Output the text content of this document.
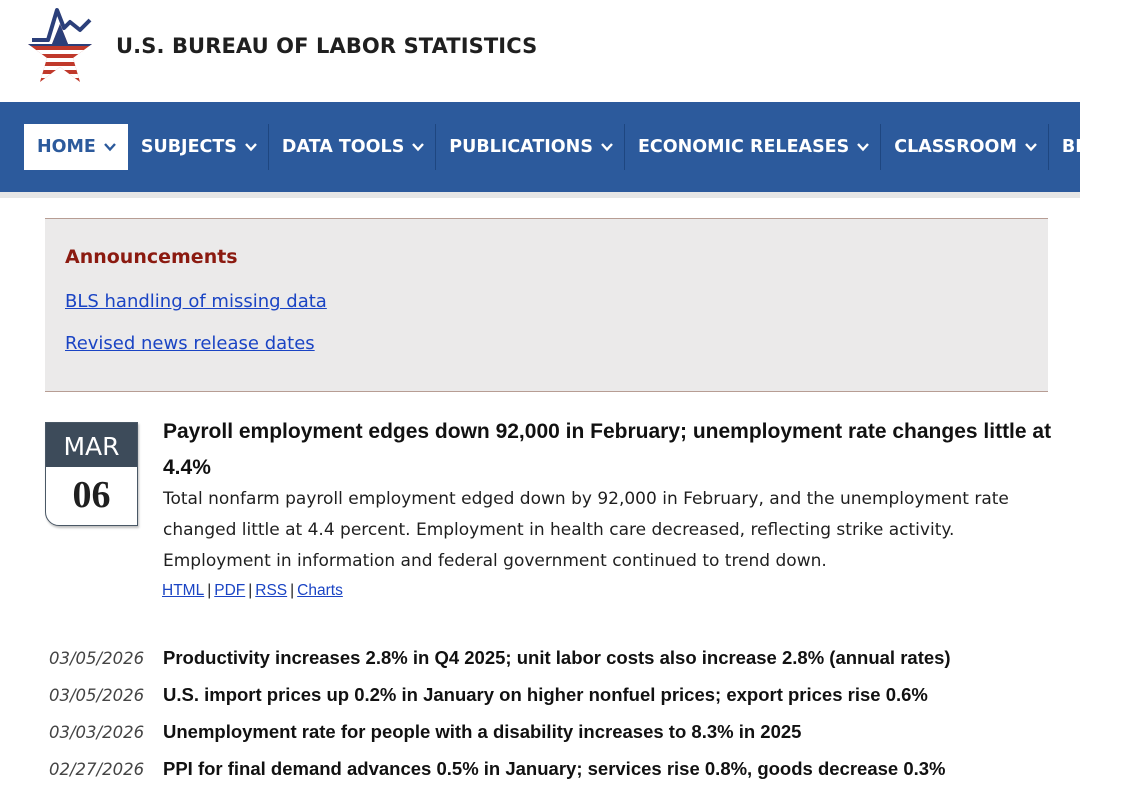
U.S. BUREAU OF LABOR STATISTICS
HOME	SUBJECTS	DATA TOOLS	PUBLICATIONS	ECONOMIC RELEASES	CLASSROOM	BETA
Announcements
BLS handling of missing data
Revised news release dates
MAR
06
Payroll employment edges down 92,000 in February; unemployment rate changes little at 4.4%
Total nonfarm payroll employment edged down by 92,000 in February, and the unemployment rate changed little at 4.4 percent. Employment in health care decreased, reflecting strike activity. Employment in information and federal government continued to trend down.
HTML | PDF | RSS | Charts
03/05/2026 Productivity increases 2.8% in Q4 2025; unit labor costs also increase 2.8% (annual rates)
03/05/2026 U.S. import prices up 0.2% in January on higher nonfuel prices; export prices rise 0.6%
03/03/2026 Unemployment rate for people with a disability increases to 8.3% in 2025
02/27/2026 PPI for final demand advances 0.5% in January; services rise 0.8%, goods decrease 0.3%
